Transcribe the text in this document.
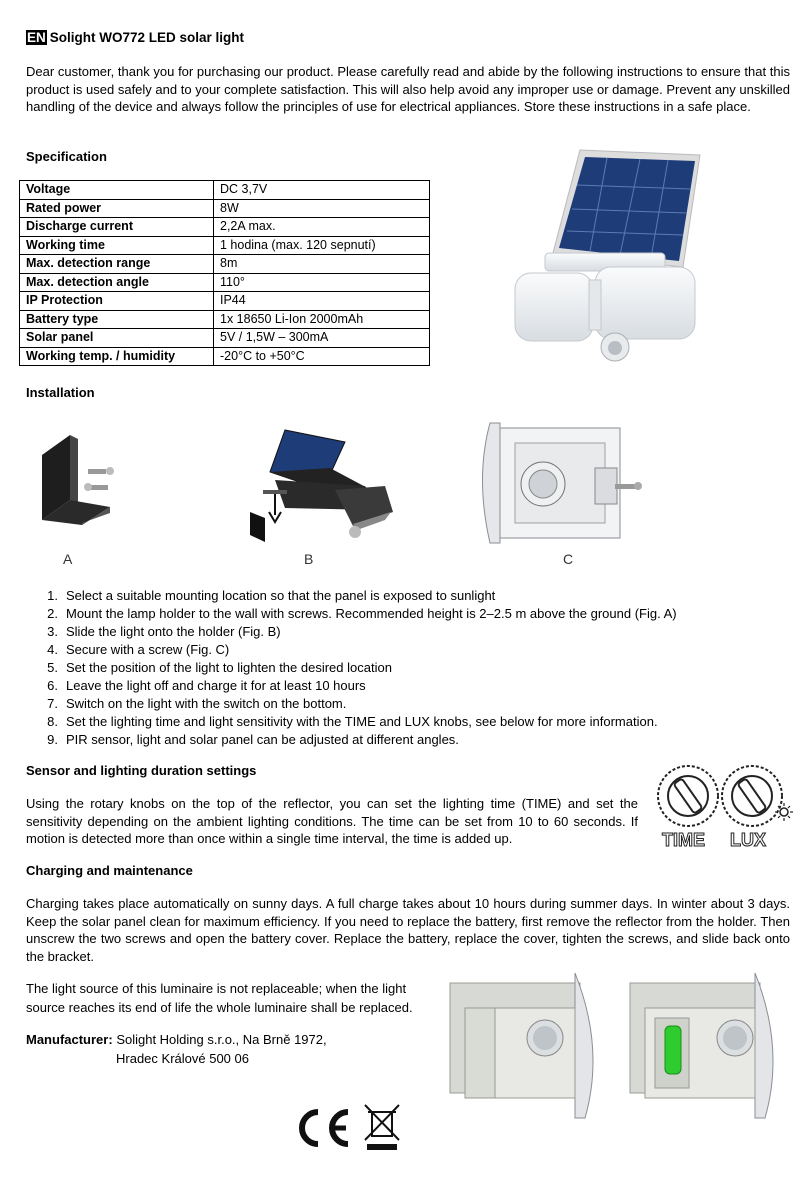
EN Solight WO772 LED solar light
Dear customer, thank you for purchasing our product. Please carefully read and abide by the following instructions to ensure that this product is used safely and to your complete satisfaction. This will also help avoid any improper use or damage. Prevent any unskilled handling of the device and always follow the principles of use for electrical appliances. Store these instructions in a safe place.
Specification
Voltage	DC 3,7V
Rated power	8W
Discharge current	2,2A max.
Working time	1 hodina (max. 120 sepnutí)
Max. detection range	8m
Max. detection angle	110°
IP Protection	IP44
Battery type	1x 18650 Li-Ion 2000mAh
Solar panel	5V / 1,5W – 300mA
Working temp. / humidity	-20°C to +50°C
Installation
A	B	C
1. Select a suitable mounting location so that the panel is exposed to sunlight
2. Mount the lamp holder to the wall with screws. Recommended height is 2–2.5 m above the ground (Fig. A)
3. Slide the light onto the holder (Fig. B)
4. Secure with a screw (Fig. C)
5. Set the position of the light to lighten the desired location
6. Leave the light off and charge it for at least 10 hours
7. Switch on the light with the switch on the bottom.
8. Set the lighting time and light sensitivity with the TIME and LUX knobs, see below for more information.
9. PIR sensor, light and solar panel can be adjusted at different angles.
Sensor and lighting duration settings
Using the rotary knobs on the top of the reflector, you can set the lighting time (TIME) and set the sensitivity depending on the ambient lighting conditions. The time can be set from 10 to 60 seconds. If motion is detected more than once within a single time interval, the time is added up.	TIME LUX
Charging and maintenance
Charging takes place automatically on sunny days. A full charge takes about 10 hours during summer days. In winter about 3 days. Keep the solar panel clean for maximum efficiency. If you need to replace the battery, first remove the reflector from the holder. Then unscrew the two screws and open the battery cover. Replace the battery, replace the cover, tighten the screws, and slide back onto the bracket.
The light source of this luminaire is not replaceable; when the light
source reaches its end of life the whole luminaire shall be replaced.
Manufacturer: Solight Holding s.r.o., Na Brně 1972,
Hradec Králové 500 06
